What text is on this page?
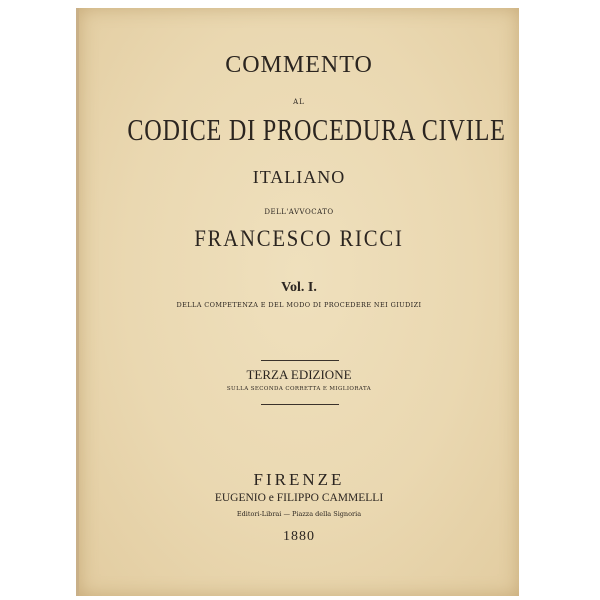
COMMENTO
AL
CODICE DI PROCEDURA CIVILE
ITALIANO
DELL'AVVOCATO
FRANCESCO RICCI
Vol. I.
DELLA COMPETENZA E DEL MODO DI PROCEDERE NEI GIUDIZI
TERZA EDIZIONE
SULLA SECONDA CORRETTA E MIGLIORATA
FIRENZE
EUGENIO e FILIPPO CAMMELLI
Editori-Librai — Piazza della Signoria
1880
